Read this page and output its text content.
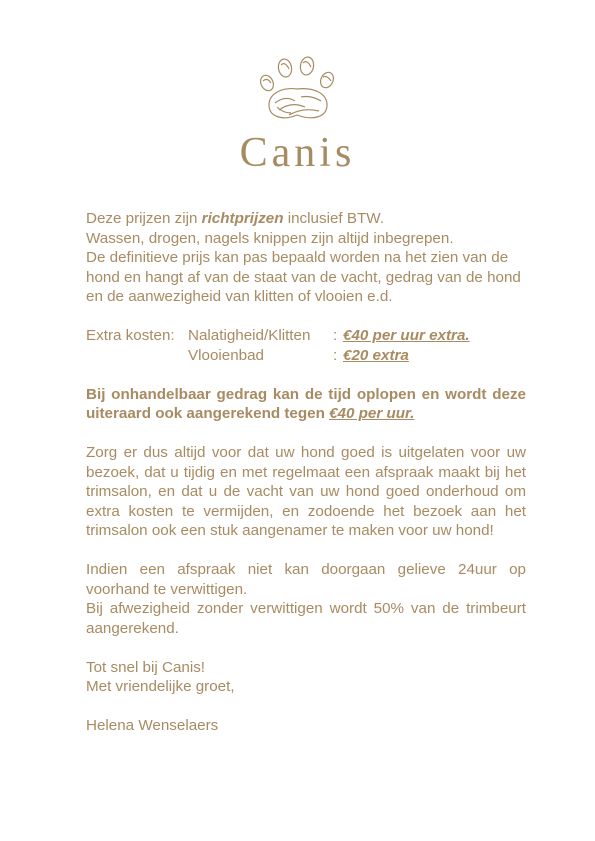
Canis

Deze prijzen zijn richtprijzen inclusief BTW.

Wassen, drogen, nagels knippen zijn altijd inbegrepen.

De definitieve prijs kan pas bepaald worden na het zien van de hond en hangt af van de staat van de vacht, gedrag van de hond en de aanwezigheid van klitten of vlooien e.d.

Extra kosten: Nalatigheid/Klitten : €40 per uur extra.
Vlooienbad	: €20 extra

Bij onhandelbaar gedrag kan de tijd oplopen en wordt deze uiteraard ook aangerekend tegen €40 per uur.

Zorg er dus altijd voor dat uw hond goed is uitgelaten voor uw bezoek, dat u tijdig en met regelmaat een afspraak maakt bij het trimsalon, en dat u de vacht van uw hond goed onderhoud om extra kosten te vermijden, en zodoende het bezoek aan het trimsalon ook een stuk aangenamer te maken voor uw hond!

Indien een afspraak niet kan doorgaan gelieve 24uur op voorhand te verwittigen.

Bij afwezigheid zonder verwittigen wordt 50% van de trimbeurt aangerekend.

Tot snel bij Canis!

Met vriendelijke groet,

Helena Wenselaers
